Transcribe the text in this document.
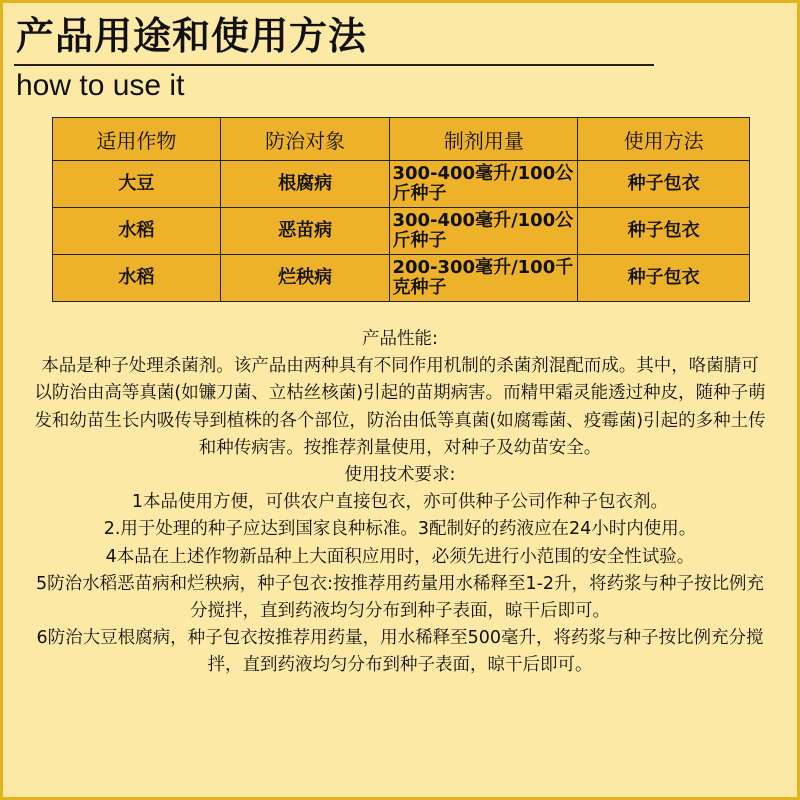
产品用途和使用方法
how to use it
适用作物	防治对象	制剂用量	使用方法
大豆	根腐病	300-400毫升/100公斤种子	种子包衣
水稻	恶苗病	300-400毫升/100公斤种子	种子包衣
水稻	烂秧病	200-300毫升/100千克种子	种子包衣

产品性能:

本品是种子处理杀菌剂。该产品由两种具有不同作用机制的杀菌剂混配而成。其中，咯菌腈可以防治由高等真菌(如镰刀菌、立枯丝核菌)引起的苗期病害。而精甲霜灵能透过种皮，随种子萌发和幼苗生长内吸传导到植株的各个部位，防治由低等真菌(如腐霉菌、疫霉菌)引起的多种土传和种传病害。按推荐剂量使用，对种子及幼苗安全。

使用技术要求:

1本品使用方便，可供农户直接包衣，亦可供种子公司作种子包衣剂。

2.用于处理的种子应达到国家良种标准。3配制好的药液应在24小时内使用。

4本品在上述作物新品种上大面积应用时，必须先进行小范围的安全性试验。

5防治水稻恶苗病和烂秧病，种子包衣:按推荐用药量用水稀释至1-2升，将药浆与种子按比例充分搅拌，直到药液均匀分布到种子表面，晾干后即可。

6防治大豆根腐病，种子包衣按推荐用药量，用水稀释至500毫升，将药浆与种子按比例充分搅拌，直到药液均匀分布到种子表面，晾干后即可。
